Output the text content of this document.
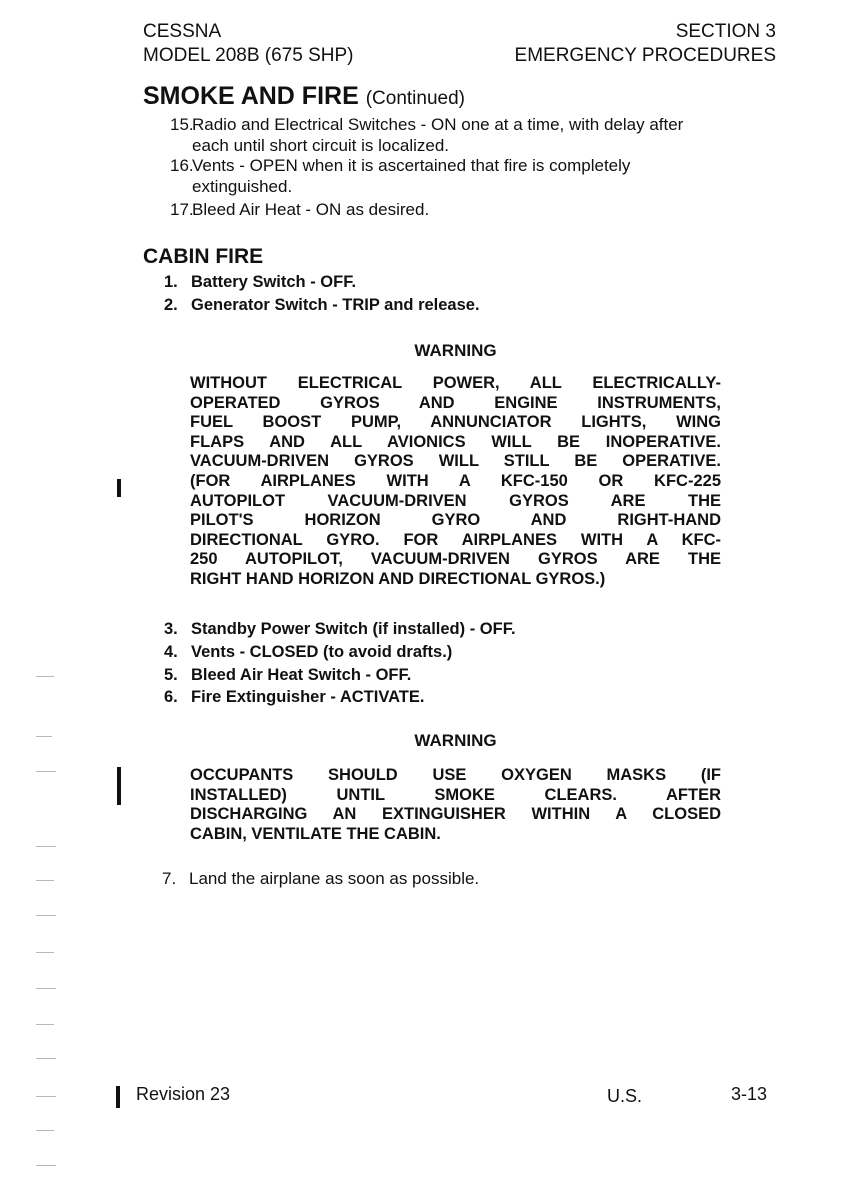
CESSNA
MODEL 208B (675 SHP)
SECTION 3
EMERGENCY PROCEDURES
SMOKE AND FIRE (Continued)
15.Radio and Electrical Switches - ON one at a time, with delay after
each until short circuit is localized.
16.Vents - OPEN when it is ascertained that fire is completely
extinguished.
17.Bleed Air Heat - ON as desired.
CABIN FIRE
1. Battery Switch - OFF.
2. Generator Switch - TRIP and release.
WARNING
WITHOUT ELECTRICAL POWER, ALL ELECTRICALLY-
OPERATED GYROS AND ENGINE INSTRUMENTS,
FUEL BOOST PUMP, ANNUNCIATOR LIGHTS, WING
FLAPS AND ALL AVIONICS WILL BE INOPERATIVE.
VACUUM-DRIVEN GYROS WILL STILL BE OPERATIVE.
(FOR AIRPLANES WITH A KFC-150 OR KFC-225
AUTOPILOT VACUUM-DRIVEN GYROS ARE THE
PILOT'S HORIZON GYRO AND RIGHT-HAND
DIRECTIONAL GYRO. FOR AIRPLANES WITH A KFC-
250 AUTOPILOT, VACUUM-DRIVEN GYROS ARE THE
RIGHT HAND HORIZON AND DIRECTIONAL GYROS.)
3. Standby Power Switch (if installed) - OFF.
4. Vents - CLOSED (to avoid drafts.)
5. Bleed Air Heat Switch - OFF.
6. Fire Extinguisher - ACTIVATE.
WARNING
OCCUPANTS SHOULD USE OXYGEN MASKS (IF
INSTALLED) UNTIL SMOKE CLEARS. AFTER
DISCHARGING AN EXTINGUISHER WITHIN A CLOSED
CABIN, VENTILATE THE CABIN.
7. Land the airplane as soon as possible.
Revision 23	U.S.	3-13
